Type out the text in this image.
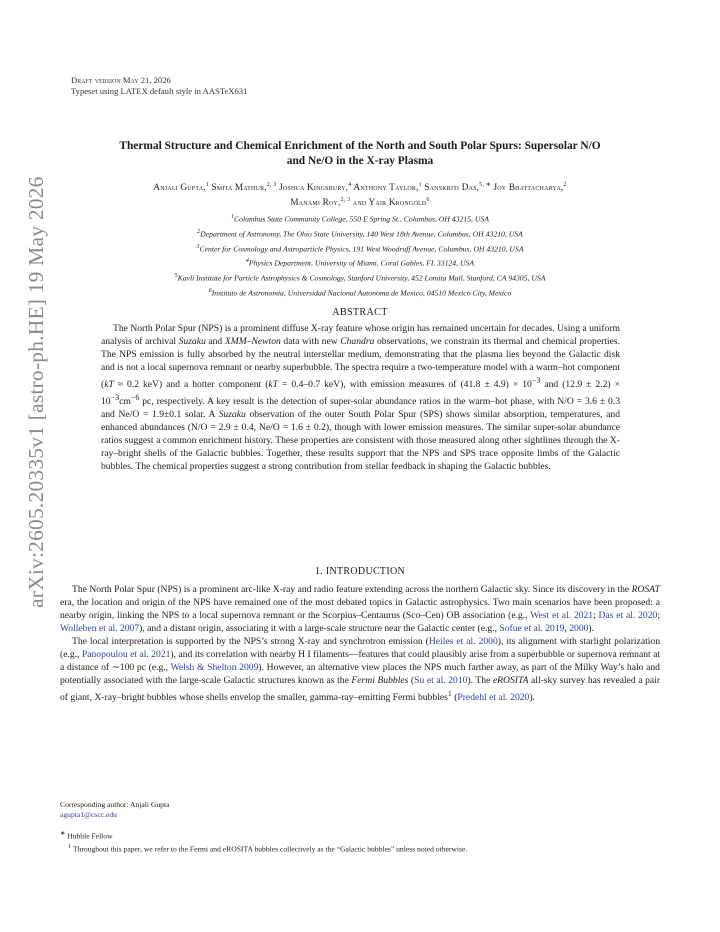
arXiv:2605.20335v1 [astro-ph.HE] 19 May 2026
Draft version May 21, 2026
Typeset using LATEX default style in AASTeX631
Thermal Structure and Chemical Enrichment of the North and South Polar Spurs: Supersolar N/O
and Ne/O in the X-ray Plasma
Anjali Gupta,$^1$ Smita Mathur,$^{2, 3}$ Joshua Kingsbury,$^4$ Anthony Taylor,$^1$ Sanskriti Das,$^{5, ∗}$ Joy Bhattacharya,$^2$
Manami Roy,$^{2, 3}$ and Yair Krongold$^6$
$^1$Columbus State Community College, 550 E Spring St., Columbus, OH 43215, USA
$^2$Department of Astronomy, The Ohio State University, 140 West 18th Avenue, Columbus, OH 43210, USA
$^3$Center for Cosmology and Astroparticle Physics, 191 West Woodruff Avenue, Columbus, OH 43210, USA
$^4$Physics Department, University of Miami, Coral Gables, FL 33124, USA
$^5$Kavli Institute for Particle Astrophysics & Cosmology, Stanford University, 452 Lomita Mall, Stanford, CA 94305, USA
$^6$Instituto de Astronomia, Universidad Nacional Autonoma de Mexico, 04510 Mexico City, Mexico
ABSTRACT

The North Polar Spur (NPS) is a prominent diffuse X-ray feature whose origin has remained uncertain for decades. Using a uniform analysis of archival Suzaku and XMM–Newton data with new Chandra observations, we constrain its thermal and chemical properties. The NPS emission is fully absorbed by the neutral interstellar medium, demonstrating that the plasma lies beyond the Galactic disk and is not a local supernova remnant or nearby superbubble. The spectra require a two-temperature model with a warm–hot component (kT ≈ 0.2 keV) and a hotter component (kT = 0.4–0.7 keV), with emission measures of $(41.8 \pm 4.9) \times 10^{-3}$ and $(12.9 \pm 2.2) \times 10^{-3}cm^{-6}$ pc, respectively. A key result is the detection of super-solar abundance ratios in the warm–hot phase, with N/O = 3.6 ± 0.3 and Ne/O = 1.9±0.1 solar. A Suzaku observation of the outer South Polar Spur (SPS) shows similar absorption, temperatures, and enhanced abundances (N/O = 2.9 ± 0.4, Ne/O = 1.6 ± 0.2), though with lower emission measures. The similar super-solar abundance ratios suggest a common enrichment history. These properties are consistent with those measured along other sightlines through the X-ray–bright shells of the Galactic bubbles. Together, these results support that the NPS and SPS trace opposite limbs of the Galactic bubbles. The chemical properties suggest a strong contribution from stellar feedback in shaping the Galactic bubbles.

1. INTRODUCTION

The North Polar Spur (NPS) is a prominent arc-like X-ray and radio feature extending across the northern Galactic sky. Since its discovery in the ROSAT era, the location and origin of the NPS have remained one of the most debated topics in Galactic astrophysics. Two main scenarios have been proposed: a nearby origin, linking the NPS to a local supernova remnant or the Scorpius–Centaurus (Sco–Cen) OB association (e.g., West et al. 2021; Das et al. 2020; Wolleben et al. 2007), and a distant origin, associating it with a large-scale structure near the Galactic center (e.g., Sofue et al. 2019, 2000).

The local interpretation is supported by the NPS’s strong X-ray and synchrotron emission (Heiles et al. 2000), its alignment with starlight polarization (e.g., Panopoulou et al. 2021), and its correlation with nearby H I filaments—features that could plausibly arise from a superbubble or supernova remnant at a distance of ∼100 pc (e.g., Welsh & Shelton 2009). However, an alternative view places the NPS much farther away, as part of the Milky Way’s halo and potentially associated with the large-scale Galactic structures known as the Fermi Bubbles (Su et al. 2010). The eROSITA all-sky survey has revealed a pair of giant, X-ray–bright bubbles whose shells envelop the smaller, gamma-ray–emitting Fermi bubbles$^1$ (Predehl et al. 2020).

Corresponding author: Anjali Gupta
agupta1@cscc.edu
∗ Hubble Fellow
$^1$ Throughout this paper, we refer to the Fermi and eROSITA bubbles collectively as the “Galactic bubbles” unless noted otherwise.
